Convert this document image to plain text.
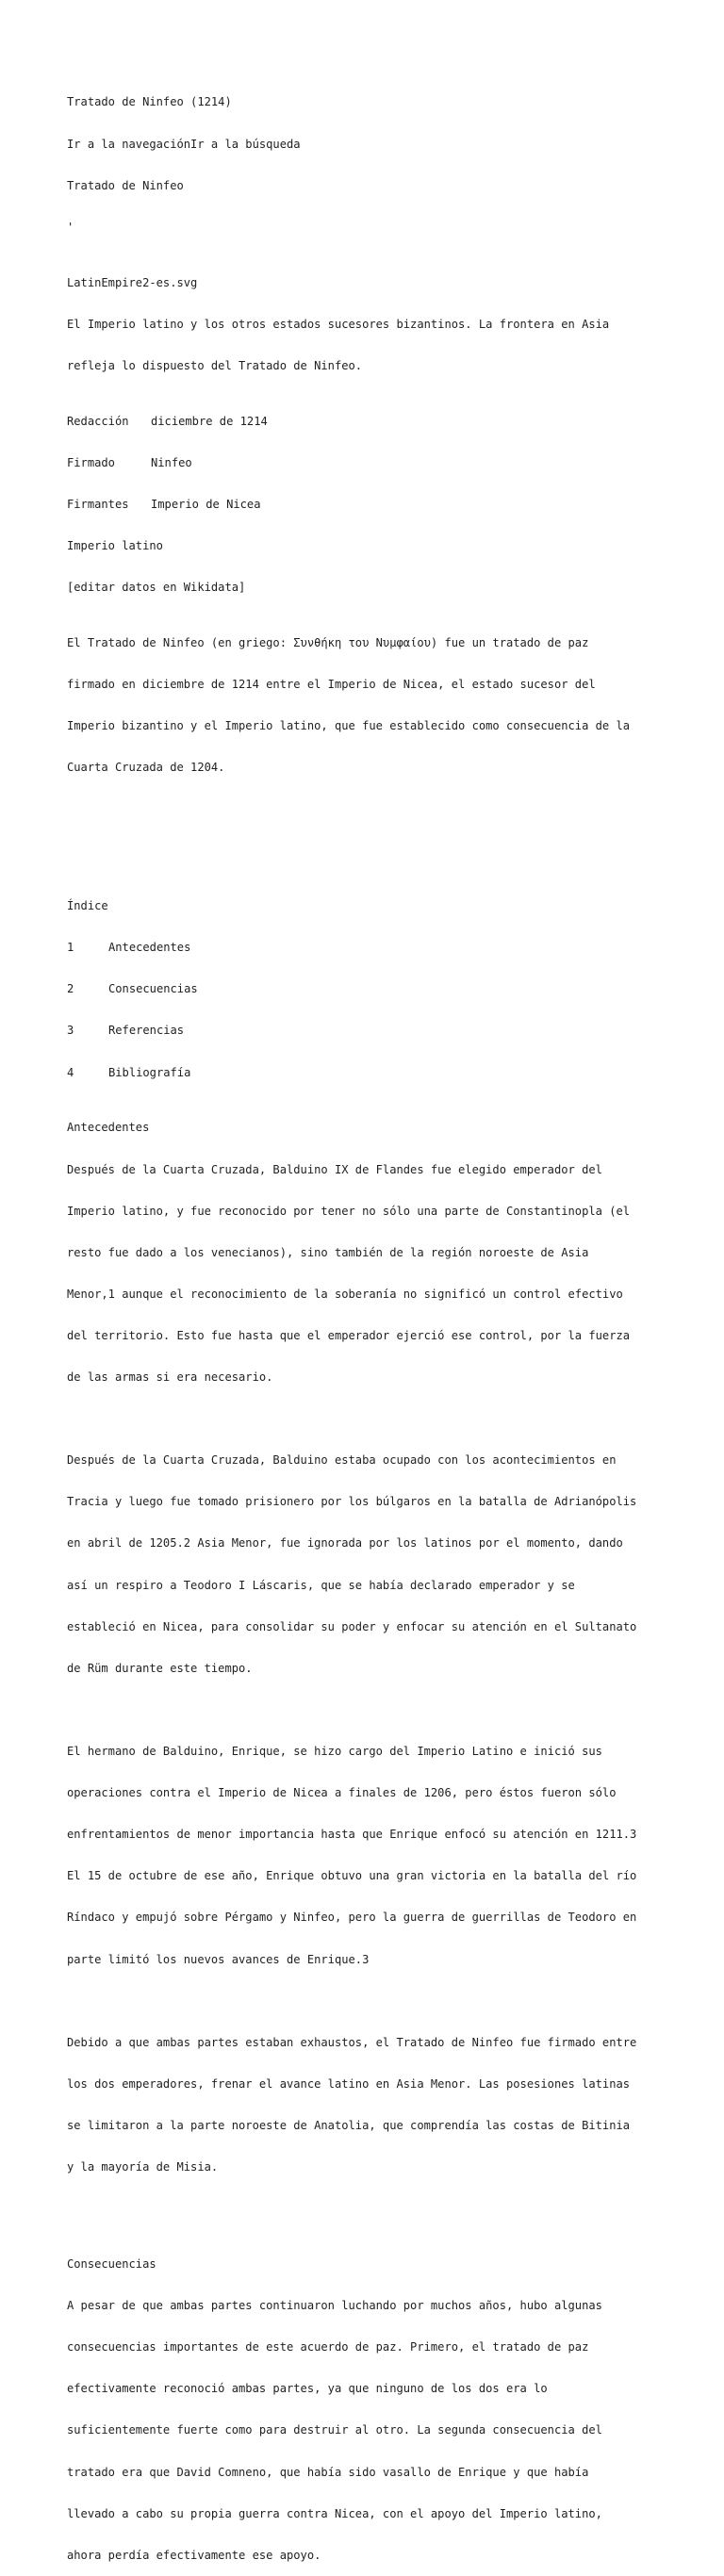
Tratado de Ninfeo (1214)

Ir a la navegaciónIr a la búsqueda

Tratado de Ninfeo

'

LatinEmpire2-es.svg

El Imperio latino y los otros estados sucesores bizantinos. La frontera en Asia

refleja lo dispuesto del Tratado de Ninfeo.

Redacción diciembre de 1214

Firmado	Ninfeo

Firmantes Imperio de Nicea

Imperio latino

[editar datos en Wikidata]

El Tratado de Ninfeo (en griego: Συνθήκη του Νυμφαίου) fue un tratado de paz

firmado en diciembre de 1214 entre el Imperio de Nicea, el estado sucesor del

Imperio bizantino y el Imperio latino, que fue establecido como consecuencia de la

Cuarta Cruzada de 1204.

Índice

1	Antecedentes

2	Consecuencias

3	Referencias

4	Bibliografía

Antecedentes

Después de la Cuarta Cruzada, Balduino IX de Flandes fue elegido emperador del

Imperio latino, y fue reconocido por tener no sólo una parte de Constantinopla (el

resto fue dado a los venecianos), sino también de la región noroeste de Asia

Menor,1 aunque el reconocimiento de la soberanía no significó un control efectivo

del territorio. Esto fue hasta que el emperador ejerció ese control, por la fuerza

de las armas si era necesario.

Después de la Cuarta Cruzada, Balduino estaba ocupado con los acontecimientos en

Tracia y luego fue tomado prisionero por los búlgaros en la batalla de Adrianópolis

en abril de 1205.2 Asia Menor, fue ignorada por los latinos por el momento, dando

así un respiro a Teodoro I Láscaris, que se había declarado emperador y se

estableció en Nicea, para consolidar su poder y enfocar su atención en el Sultanato

de Rüm durante este tiempo.

El hermano de Balduino, Enrique, se hizo cargo del Imperio Latino e inició sus

operaciones contra el Imperio de Nicea a finales de 1206, pero éstos fueron sólo

enfrentamientos de menor importancia hasta que Enrique enfocó su atención en 1211.3

El 15 de octubre de ese año, Enrique obtuvo una gran victoria en la batalla del río

Ríndaco y empujó sobre Pérgamo y Ninfeo, pero la guerra de guerrillas de Teodoro en

parte limitó los nuevos avances de Enrique.3

Debido a que ambas partes estaban exhaustos, el Tratado de Ninfeo fue firmado entre

los dos emperadores, frenar el avance latino en Asia Menor. Las posesiones latinas

se limitaron a la parte noroeste de Anatolia, que comprendía las costas de Bitinia

y la mayoría de Misia.

Consecuencias

A pesar de que ambas partes continuaron luchando por muchos años, hubo algunas

consecuencias importantes de este acuerdo de paz. Primero, el tratado de paz

efectivamente reconoció ambas partes, ya que ninguno de los dos era lo

suficientemente fuerte como para destruir al otro. La segunda consecuencia del

tratado era que David Comneno, que había sido vasallo de Enrique y que había

llevado a cabo su propia guerra contra Nicea, con el apoyo del Imperio latino,

ahora perdía efectivamente ese apoyo.
